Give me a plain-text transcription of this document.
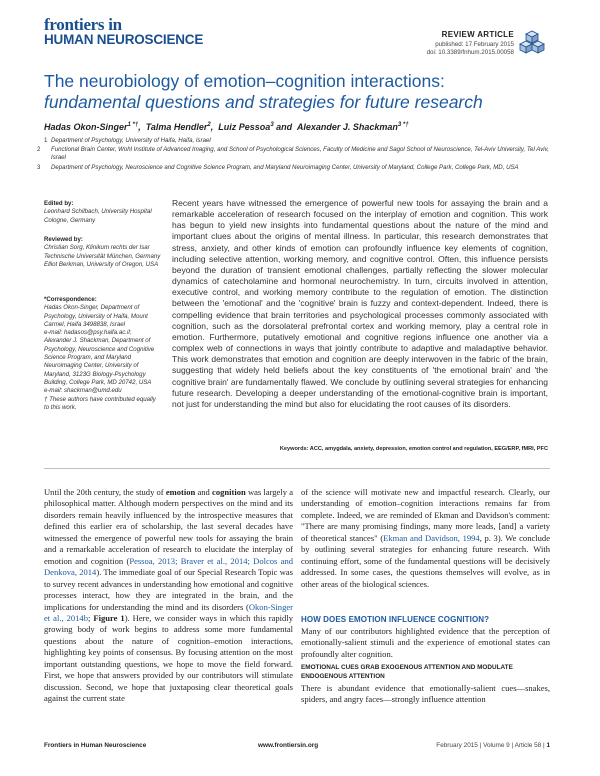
frontiers in
HUMAN NEUROSCIENCE	REVIEW ARTICLE
published: 17 February 2015
doi: 10.3389/fnhum.2015.00058
The neurobiology of emotion–cognition interactions:
fundamental questions and strategies for future research
Hadas Okon-Singer$^{1 *\dagger}$,  Talma Hendler$^2$,  Luiz Pessoa$^3$ and  Alexander J. Shackman$^{3 *\dagger}$
1 Department of Psychology, University of Haifa, Haifa, Israel
2 Functional Brain Center, Wohl Institute of Advanced Imaging, and School of Psychological Sciences, Faculty of Medicine and Sagol School of Neuroscience, Tel-Aviv University, Tel Aviv, Israel
3 Department of Psychology, Neuroscience and Cognitive Science Program, and Maryland Neuroimaging Center, University of Maryland, College Park, College Park, MD, USA
Edited by:
Leonhard Schilbach, University Hospital Cologne, Germany
Reviewed by:
Christian Sorg, Klinikum rechts der Isar Technische Universität München, Germany
Elliot Berkman, University of Oregon, USA
*Correspondence:
Hadas Okon-Singer, Department of Psychology, University of Haifa, Mount Carmel, Haifa 3498838, Israel
e-mail: hadasos@psy.haifa.ac.il;
Alexander J. Shackman, Department of Psychology, Neuroscience and Cognitive Science Program, and Maryland Neuroimaging Center, University of Maryland, 3123G Biology-Psychology Building, College Park, MD 20742, USA
e-mail: shackman@umd.edu
† These authors have contributed equally to this work.
Recent years have witnessed the emergence of powerful new tools for assaying the brain and a remarkable acceleration of research focused on the interplay of emotion and cognition. This work has begun to yield new insights into fundamental questions about the nature of the mind and important clues about the origins of mental illness. In particular, this research demonstrates that stress, anxiety, and other kinds of emotion can profoundly influence key elements of cognition, including selective attention, working memory, and cognitive control. Often, this influence persists beyond the duration of transient emotional challenges, partially reflecting the slower molecular dynamics of catecholamine and hormonal neurochemistry. In turn, circuits involved in attention, executive control, and working memory contribute to the regulation of emotion. The distinction between the 'emotional' and the 'cognitive' brain is fuzzy and context-dependent. Indeed, there is compelling evidence that brain territories and psychological processes commonly associated with cognition, such as the dorsolateral prefrontal cortex and working memory, play a central role in emotion. Furthermore, putatively emotional and cognitive regions influence one another via a complex web of connections in ways that jointly contribute to adaptive and maladaptive behavior. This work demonstrates that emotion and cognition are deeply interwoven in the fabric of the brain, suggesting that widely held beliefs about the key constituents of 'the emotional brain' and 'the cognitive brain' are fundamentally flawed. We conclude by outlining several strategies for enhancing future research. Developing a deeper understanding of the emotional-cognitive brain is important, not just for understanding the mind but also for elucidating the root causes of its disorders.
Keywords: ACC, amygdala, anxiety, depression, emotion control and regulation, EEG/ERP, fMRI, PFC
Until the 20th century, the study of emotion and cognition was largely a philosophical matter. Although modern perspectives on the mind and its disorders remain heavily influenced by the introspective measures that defined this earlier era of scholarship, the last several decades have witnessed the emergence of powerful new tools for assaying the brain and a remarkable acceleration of research to elucidate the interplay of emotion and cognition (Pessoa, 2013; Braver et al., 2014; Dolcos and Denkova, 2014). The immediate goal of our Special Research Topic was to survey recent advances in understanding how emotional and cognitive processes interact, how they are integrated in the brain, and the implications for understanding the mind and its disorders (Okon-Singer et al., 2014b; Figure 1). Here, we consider ways in which this rapidly growing body of work begins to address some more fundamental questions about the nature of cognition–emotion interactions, highlighting key points of consensus. By focusing attention on the most important outstanding questions, we hope to move the field forward. First, we hope that answers provided by our contributors will stimulate discussion. Second, we hope that juxtaposing clear theoretical goals against the current state
of the science will motivate new and impactful research. Clearly, our understanding of emotion–cognition interactions remains far from complete. Indeed, we are reminded of Ekman and Davidson's comment: "There are many promising findings, many more leads, [and] a variety of theoretical stances" (Ekman and Davidson, 1994, p. 3). We conclude by outlining several strategies for enhancing future research. With continuing effort, some of the fundamental questions will be decisively addressed. In some cases, the questions themselves will evolve, as in other areas of the biological sciences.
HOW DOES EMOTION INFLUENCE COGNITION?
Many of our contributors highlighted evidence that the perception of emotionally-salient stimuli and the experience of emotional states can profoundly alter cognition.
EMOTIONAL CUES GRAB EXOGENOUS ATTENTION AND MODULATE ENDOGENOUS ATTENTION
There is abundant evidence that emotionally-salient cues—snakes, spiders, and angry faces—strongly influence attention
Frontiers in Human Neuroscience	www.frontiersin.org	February 2015 | Volume 9 | Article 58 | 1
